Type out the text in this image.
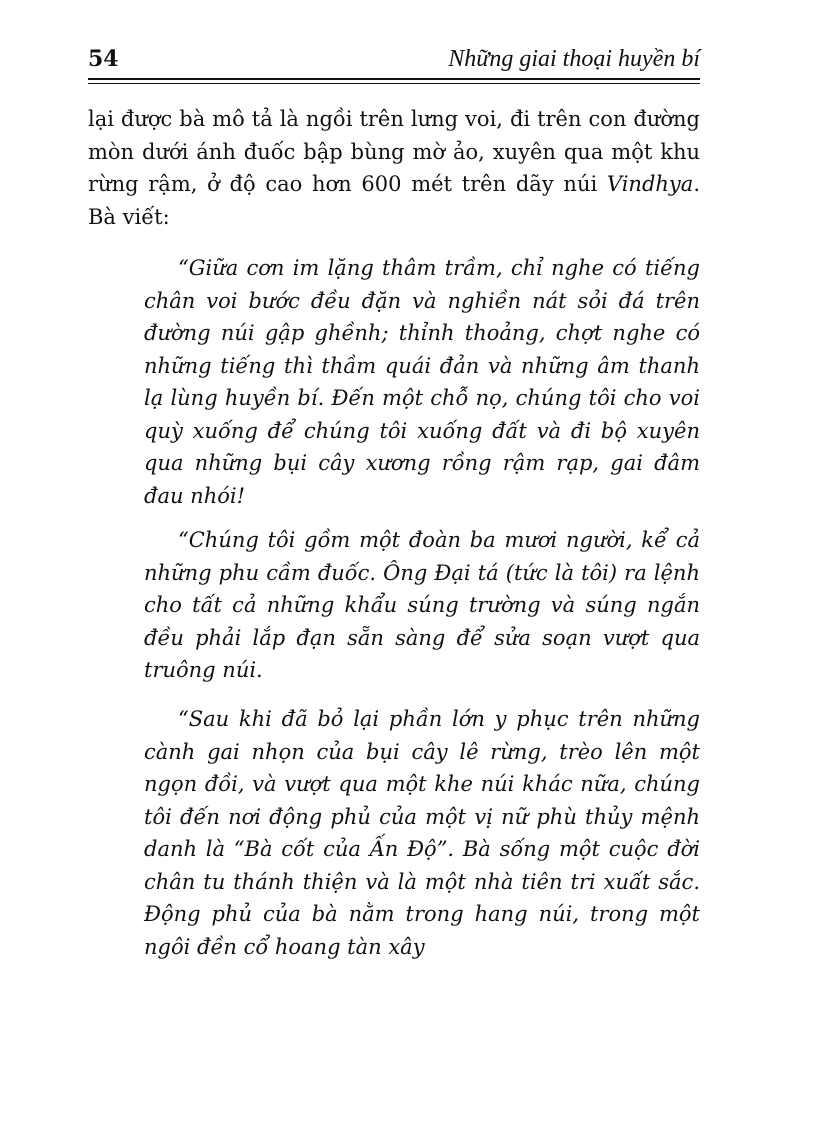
54	Những giai thoại huyền bí

lại được bà mô tả là ngồi trên lưng voi, đi trên con đường mòn dưới ánh đuốc bập bùng mờ ảo, xuyên qua một khu rừng rậm, ở độ cao hơn 600 mét trên dãy núi Vindhya. Bà viết:

“Giữa cơn im lặng thâm trầm, chỉ nghe có tiếng chân voi bước đều đặn và nghiền nát sỏi đá trên đường núi gập ghềnh; thỉnh thoảng, chợt nghe có những tiếng thì thầm quái đản và những âm thanh lạ lùng huyền bí. Đến một chỗ nọ, chúng tôi cho voi quỳ xuống để chúng tôi xuống đất và đi bộ xuyên qua những bụi cây xương rồng rậm rạp, gai đâm đau nhói!

“Chúng tôi gồm một đoàn ba mươi người, kể cả những phu cầm đuốc. Ông Đại tá (tức là tôi) ra lệnh cho tất cả những khẩu súng trường và súng ngắn đều phải lắp đạn sẵn sàng để sửa soạn vượt qua truông núi.

“Sau khi đã bỏ lại phần lớn y phục trên những cành gai nhọn của bụi cây lê rừng, trèo lên một ngọn đồi, và vượt qua một khe núi khác nữa, chúng tôi đến nơi động phủ của một vị nữ phù thủy mệnh danh là “Bà cốt của Ấn Độ”. Bà sống một cuộc đời chân tu thánh thiện và là một nhà tiên tri xuất sắc. Động phủ của bà nằm trong hang núi, trong một ngôi đền cổ hoang tàn xây
